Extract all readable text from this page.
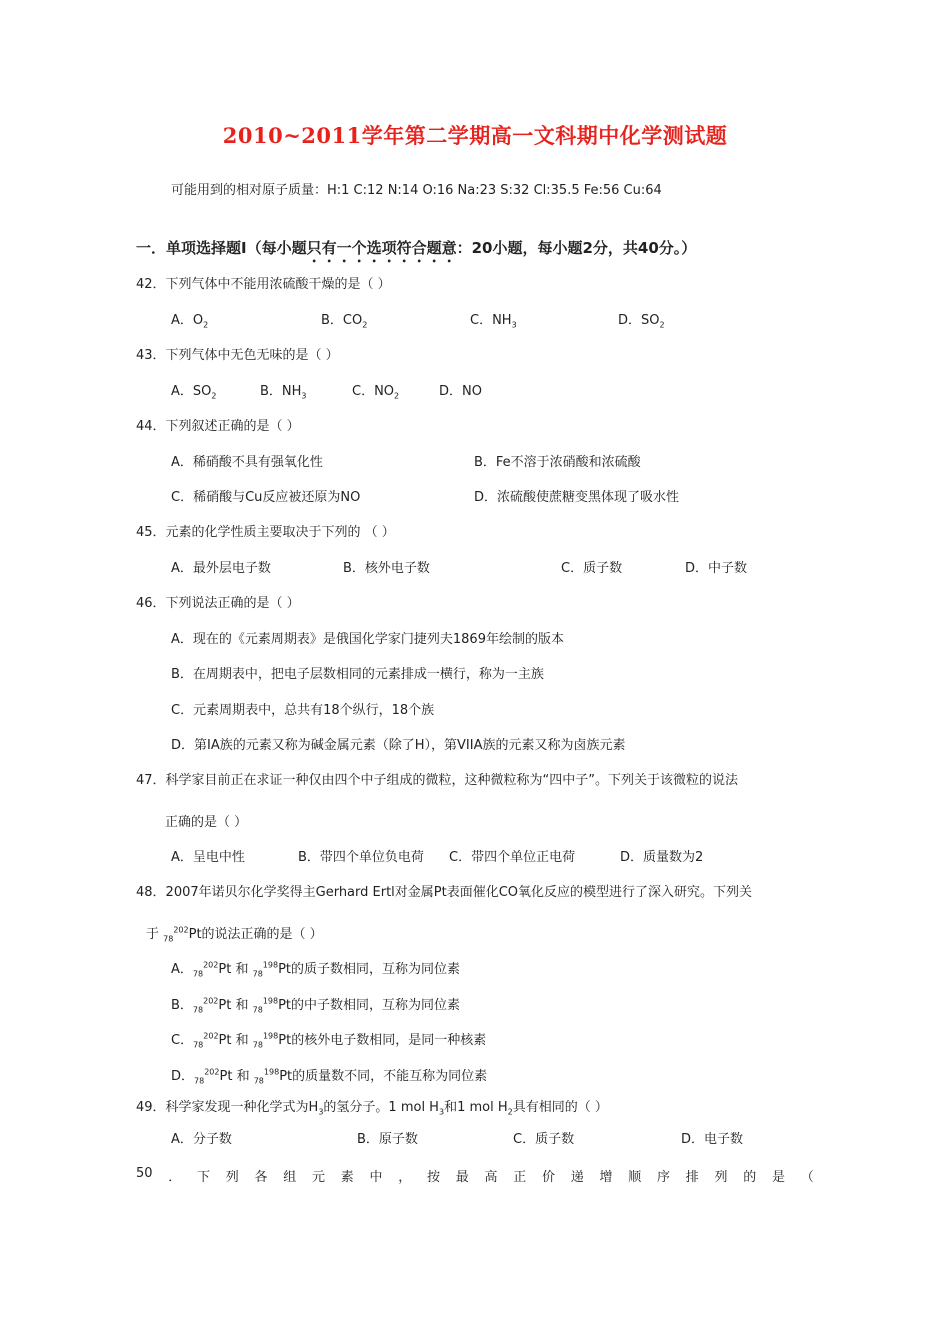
2010~2011学年第二学期高一文科期中化学测试题
可能用到的相对原子质量：H:1 C:12 N:14 O:16 Na:23 S:32 Cl:35.5 Fe:56 Cu:64
一．单项选择题Ⅰ（每小题只有一个选项符合题意：20小题，每小题2分，共40分。）
42．下列气体中不能用浓硫酸干燥的是（ ）
A．$O_2$	B．$CO_2$	C．$NH_3$	D．$SO_2$
43．下列气体中无色无味的是（ ）
A．$SO_2$	B．$NH_3$	C．$NO_2$	D．NO
44．下列叙述正确的是（ ）
A．稀硝酸不具有强氧化性	B．Fe不溶于浓硝酸和浓硫酸
C．稀硝酸与Cu反应被还原为NO	D．浓硫酸使蔗糖变黑体现了吸水性
45．元素的化学性质主要取决于下列的 （ ）
A．最外层电子数	B．核外电子数	C．质子数	D．中子数
46．下列说法正确的是（ ）
A．现在的《元素周期表》是俄国化学家门捷列夫1869年绘制的版本
B．在周期表中，把电子层数相同的元素排成一横行，称为一主族
C．元素周期表中，总共有18个纵行，18个族
D．第IA族的元素又称为碱金属元素（除了H），第VIIA族的元素又称为卤族元素
47．科学家目前正在求证一种仅由四个中子组成的微粒，这种微粒称为“四中子”。下列关于该微粒的说法
正确的是（ ）
A．呈电中性	B．带四个单位负电荷 C．带四个单位正电荷	D．质量数为2
48．2007年诺贝尔化学奖得主Gerhard Ertl对金属Pt表面催化CO氧化反应的模型进行了深入研究。下列关
于 $_{78}^{202}$Pt的说法正确的是（ ）
A．$_{78}^{202}$Pt 和 $_{78}^{198}$Pt的质子数相同，互称为同位素
B．$_{78}^{202}$Pt 和 $_{78}^{198}$Pt的中子数相同，互称为同位素
C．$_{78}^{202}$Pt 和 $_{78}^{198}$Pt的核外电子数相同，是同一种核素
D．$_{78}^{202}$Pt 和 $_{78}^{198}$Pt的质量数不同，不能互称为同位素
49．科学家发现一种化学式为$H_3$的氢分子。1 mol $H_3$和1 mol $H_2$具有相同的（ ）
A．分子数	B．原子数	C．质子数	D．电子数
50 ． 下 列 各 组 元 素 中 ， 按 最 高 正 价 递 增 顺 序 排 列 的 是 （
